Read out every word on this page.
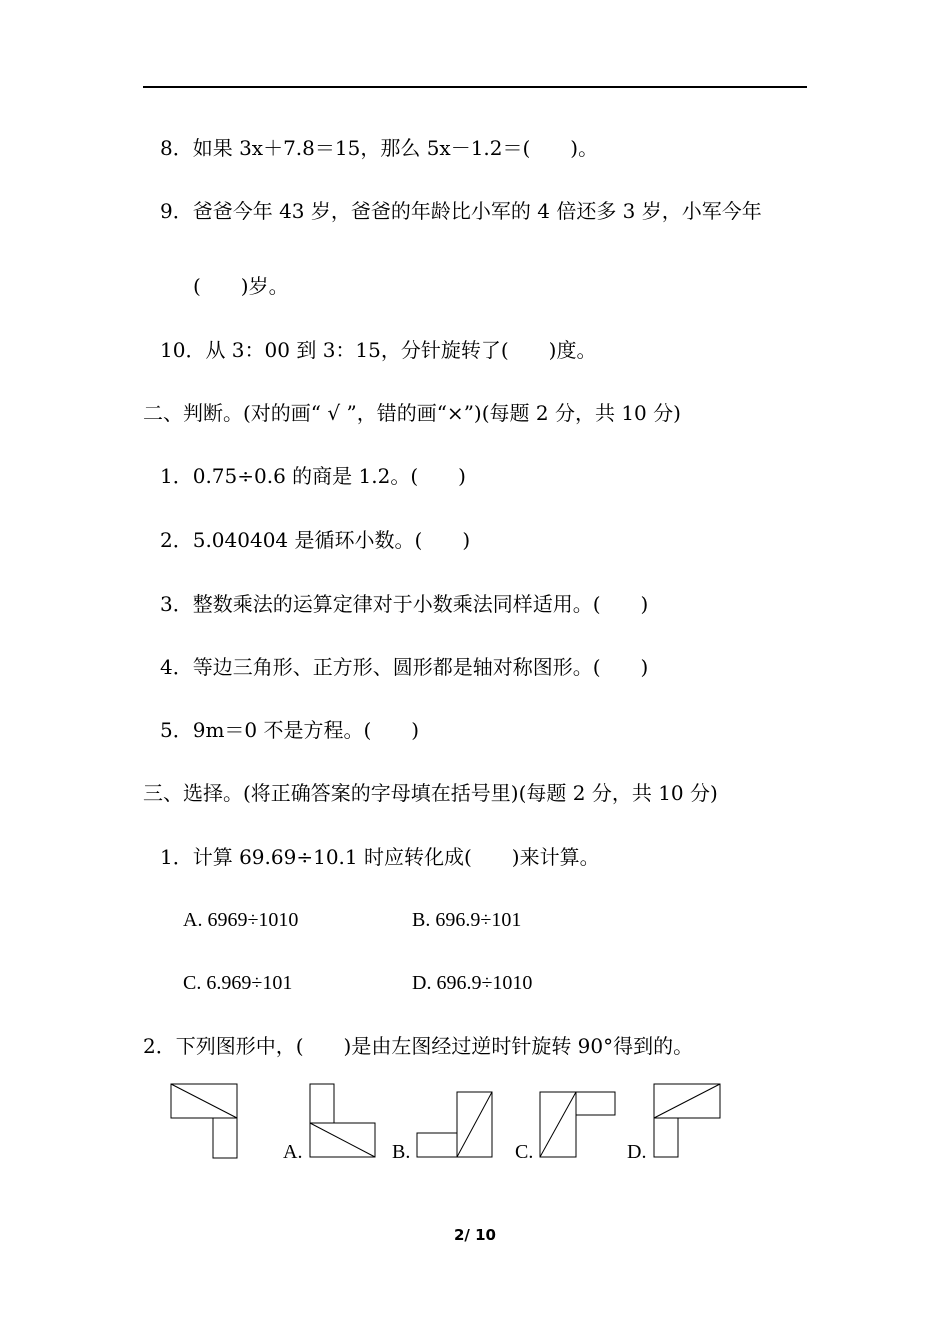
8．如果 3x＋7.8＝15，那么 5x－1.2＝(　　)。
9．爸爸今年 43 岁，爸爸的年龄比小军的 4 倍还多 3 岁，小军今年
(　　)岁。
10．从 3：00 到 3：15，分针旋转了(　　)度。
二、判断。(对的画“ √ ”，错的画“×”)(每题 2 分，共 10 分)
1．0.75÷0.6 的商是 1.2。(　　)
2．5.040404 是循环小数。(　　)
3．整数乘法的运算定律对于小数乘法同样适用。(　　)
4．等边三角形、正方形、圆形都是轴对称图形。(　　)
5．9m＝0 不是方程。(　　)
三、选择。(将正确答案的字母填在括号里)(每题 2 分，共 10 分)
1．计算 69.69÷10.1 时应转化成(　　)来计算。
A. 6969÷1010	B. 696.9÷101
C. 6.969÷101	D. 696.9÷1010
2．下列图形中，(　　)是由左图经过逆时针旋转 90°得到的。
A.	B.	C.	D.
2/ 10
